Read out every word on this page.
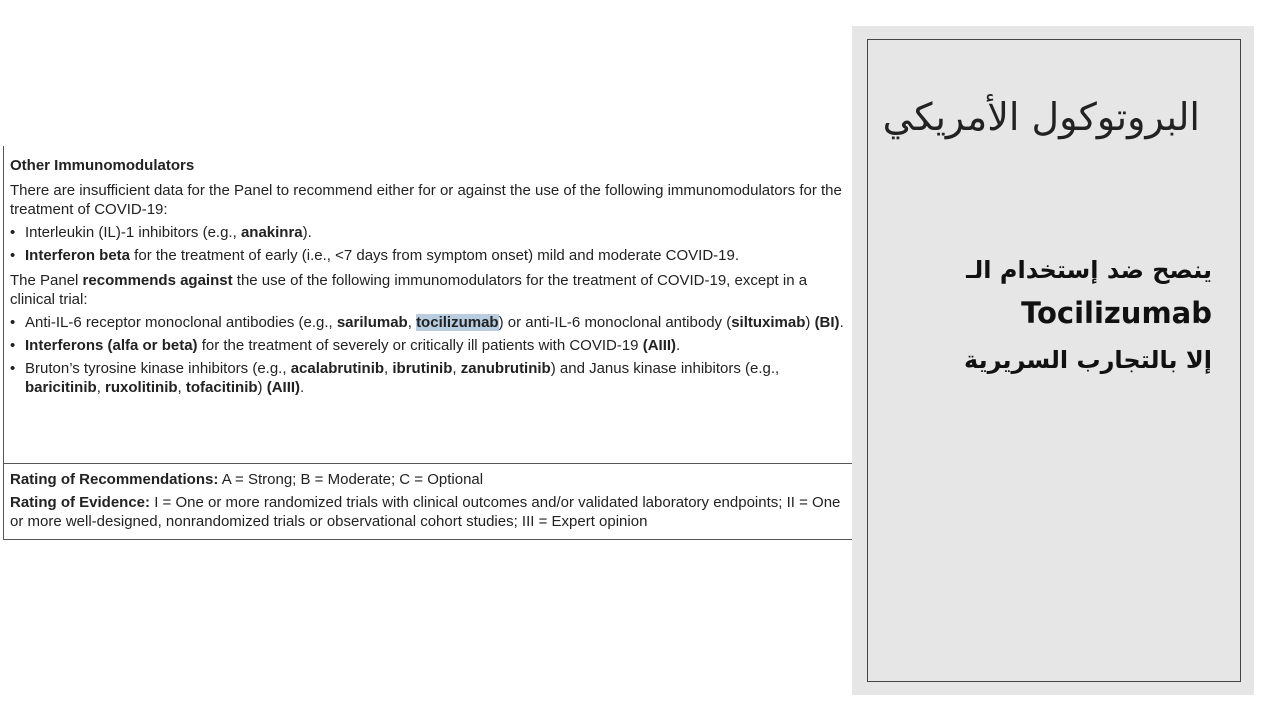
Other Immunomodulators

There are insufficient data for the Panel to recommend either for or against the use of the following immunomodulators for the treatment of COVID-19:

• Interleukin (IL)-1 inhibitors (e.g., anakinra).
• Interferon beta for the treatment of early (i.e., <7 days from symptom onset) mild and moderate COVID-19.

The Panel recommends against the use of the following immunomodulators for the treatment of COVID-19, except in a clinical trial:

• Anti-IL-6 receptor monoclonal antibodies (e.g., sarilumab, tocilizumab) or anti-IL-6 monoclonal antibody (siltuximab) (BI).
• Interferons (alfa or beta) for the treatment of severely or critically ill patients with COVID-19 (AIII).
• Bruton’s tyrosine kinase inhibitors (e.g., acalabrutinib, ibrutinib, zanubrutinib) and Janus kinase inhibitors (e.g., baricitinib, ruxolitinib, tofacitinib) (AIII).

Rating of Recommendations: A = Strong; B = Moderate; C = Optional

Rating of Evidence: I = One or more randomized trials with clinical outcomes and/or validated laboratory endpoints; II = One or more well-designed, nonrandomized trials or observational cohort studies; III = Expert opinion

البروتوكول الأمريكي
ينصح ضد إستخدام الـ
Tocilizumab
إلا بالتجارب السريرية
